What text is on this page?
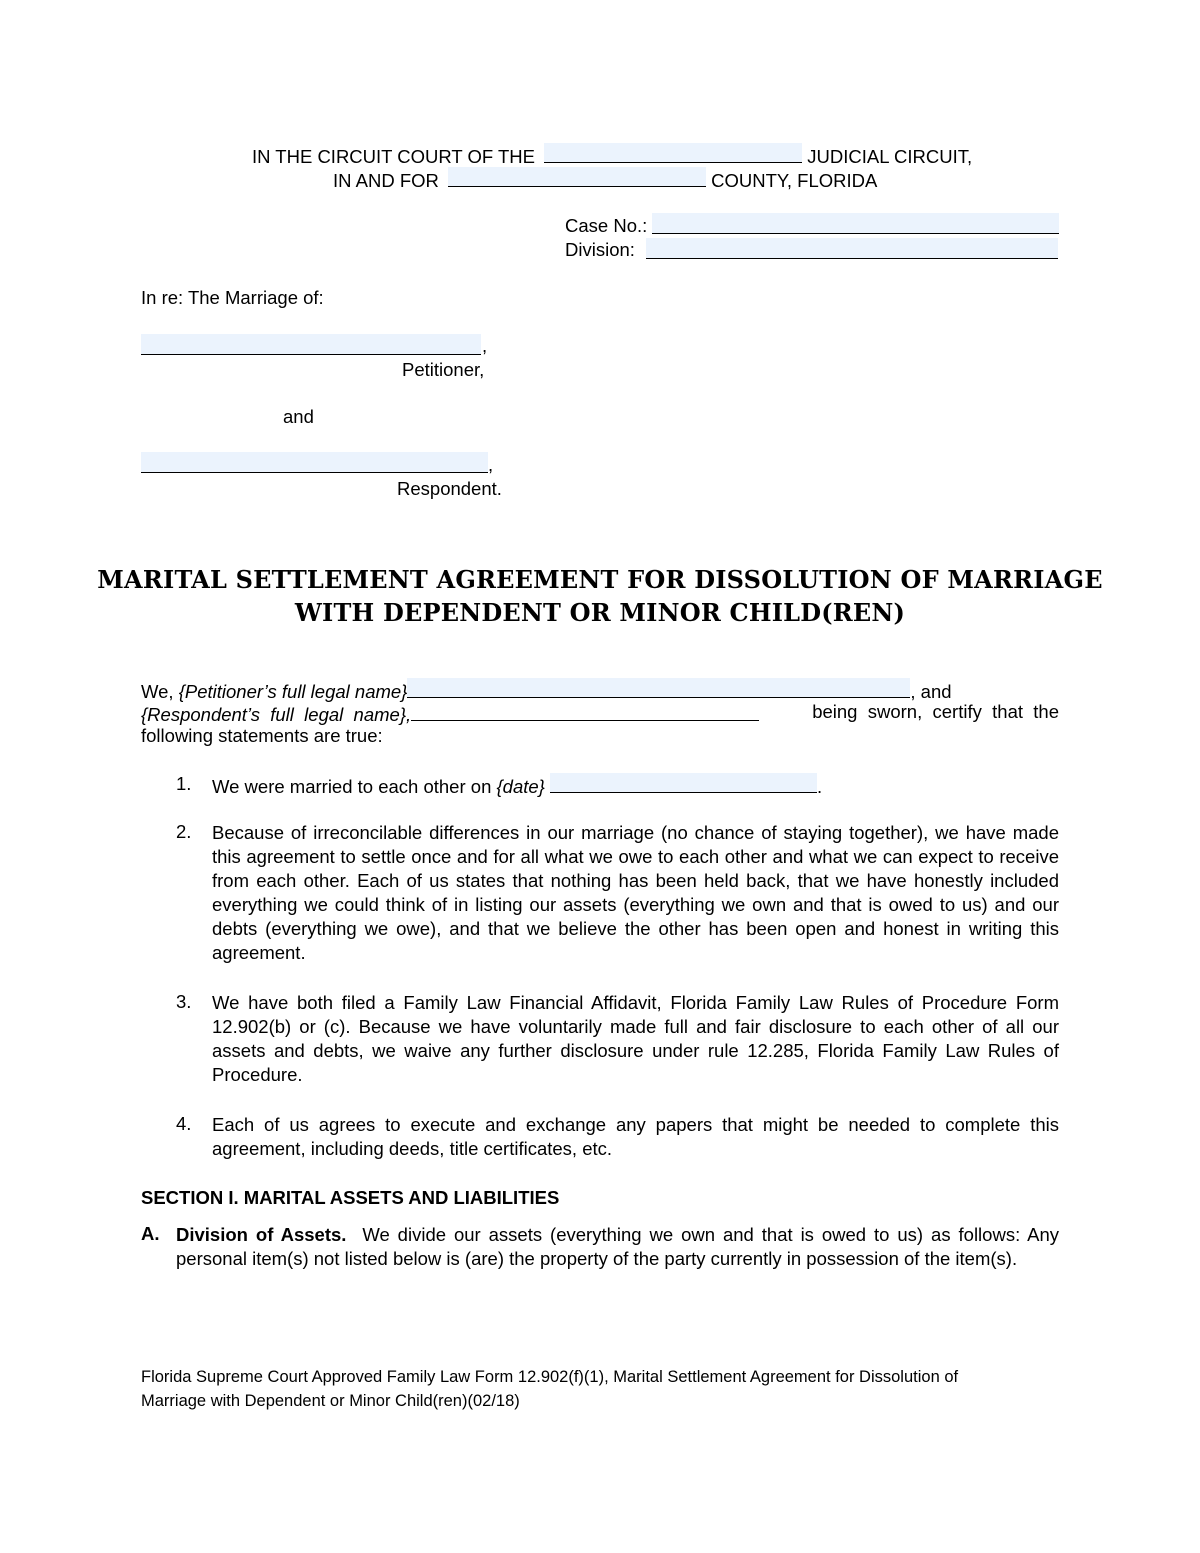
IN THE CIRCUIT COURT OF THE	JUDICIAL CIRCUIT,
IN AND FOR	COUNTY, FLORIDA
Case No.:
Division:
In re: The Marriage of:
,
Petitioner,
and
,
Respondent.
MARITAL SETTLEMENT AGREEMENT FOR DISSOLUTION OF MARRIAGE
WITH DEPENDENT OR MINOR CHILD(REN)
We, {Petitioner’s full legal name}	, and
{Respondent’s  full  legal  name},	being  sworn,  certify  that  the
following statements are true:
1. We were married to each other on {date}	.
2. Because of irreconcilable differences in our marriage (no chance of staying together), we have made this agreement to settle once and for all what we owe to each other and what we can expect to receive from each other. Each of us states that nothing has been held back, that we have honestly included everything we could think of in listing our assets (everything we own and that is owed to us) and our debts (everything we owe), and that we believe the other has been open and honest in writing this agreement.
3. We have both filed a Family Law Financial Affidavit, Florida Family Law Rules of Procedure Form 12.902(b) or (c). Because we have voluntarily made full and fair disclosure to each other of all our assets and debts, we waive any further disclosure under rule 12.285, Florida Family Law Rules of Procedure.
4. Each of us agrees to execute and exchange any papers that might be needed to complete this agreement, including deeds, title certificates, etc.
SECTION I. MARITAL ASSETS AND LIABILITIES
A. Division of Assets. We divide our assets (everything we own and that is owed to us) as follows: Any personal item(s) not listed below is (are) the property of the party currently in possession of the item(s).
Florida Supreme Court Approved Family Law Form 12.902(f)(1), Marital Settlement Agreement for Dissolution of
Marriage with Dependent or Minor Child(ren)(02/18)
